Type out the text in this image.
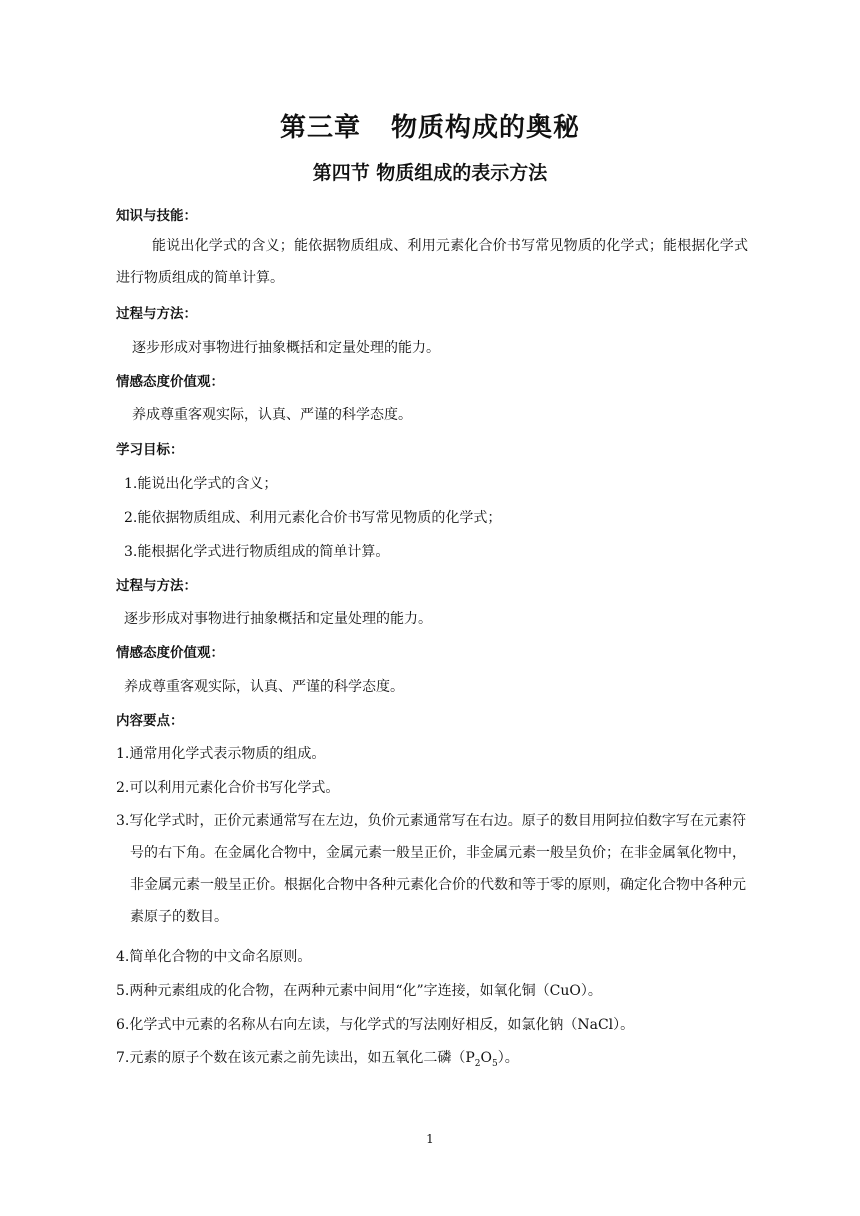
第三章 物质构成的奥秘
第四节 物质组成的表示方法
知识与技能：
能说出化学式的含义；能依据物质组成、利用元素化合价书写常见物质的化学式；能根据化学式进行物质组成的简单计算。
过程与方法：
逐步形成对事物进行抽象概括和定量处理的能力。
情感态度价值观：
养成尊重客观实际，认真、严谨的科学态度。
学习目标：
1.能说出化学式的含义；
2.能依据物质组成、利用元素化合价书写常见物质的化学式；
3.能根据化学式进行物质组成的简单计算。
过程与方法：
逐步形成对事物进行抽象概括和定量处理的能力。
情感态度价值观：
养成尊重客观实际，认真、严谨的科学态度。
内容要点：
1.通常用化学式表示物质的组成。
2.可以利用元素化合价书写化学式。
3.写化学式时，正价元素通常写在左边，负价元素通常写在右边。原子的数目用阿拉伯数字写在元素符号的右下角。在金属化合物中，金属元素一般呈正价，非金属元素一般呈负价；在非金属氧化物中，非金属元素一般呈正价。根据化合物中各种元素化合价的代数和等于零的原则，确定化合物中各种元素原子的数目。
4.简单化合物的中文命名原则。
5.两种元素组成的化合物，在两种元素中间用“化”字连接，如氧化铜（CuO）。
6.化学式中元素的名称从右向左读，与化学式的写法刚好相反，如氯化钠（NaCl）。
7.元素的原子个数在该元素之前先读出，如五氧化二磷$(P_2O_5)$。
1
